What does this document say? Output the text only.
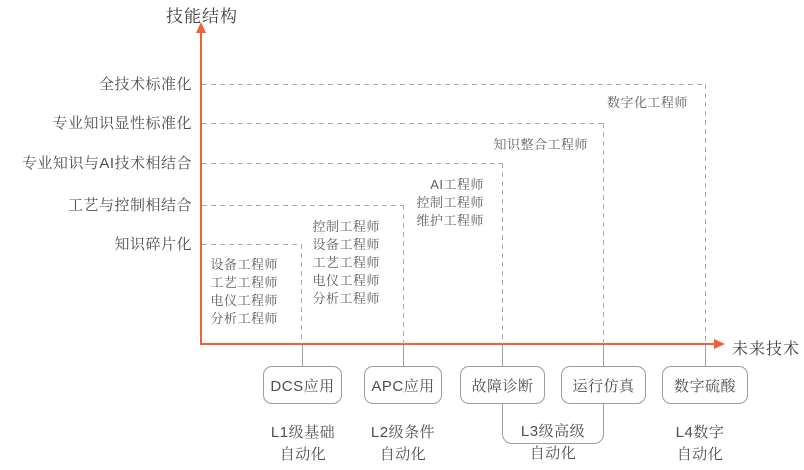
技能结构
未来技术
全技术标准化
专业知识显性标准化
专业知识与AI技术相结合
工艺与控制相结合
知识碎片化
设备工程师
工艺工程师
电仪工程师
分析工程师
控制工程师
设备工程师
工艺工程师
电仪工程师
分析工程师
AI工程师
控制工程师
维护工程师
知识整合工程师
数字化工程师
DCS应用	APC应用	故障诊断	运行仿真	数字硫酸
L1级基础
自动化
L2级条件
自动化
L3级高级
自动化
L4数字
自动化
